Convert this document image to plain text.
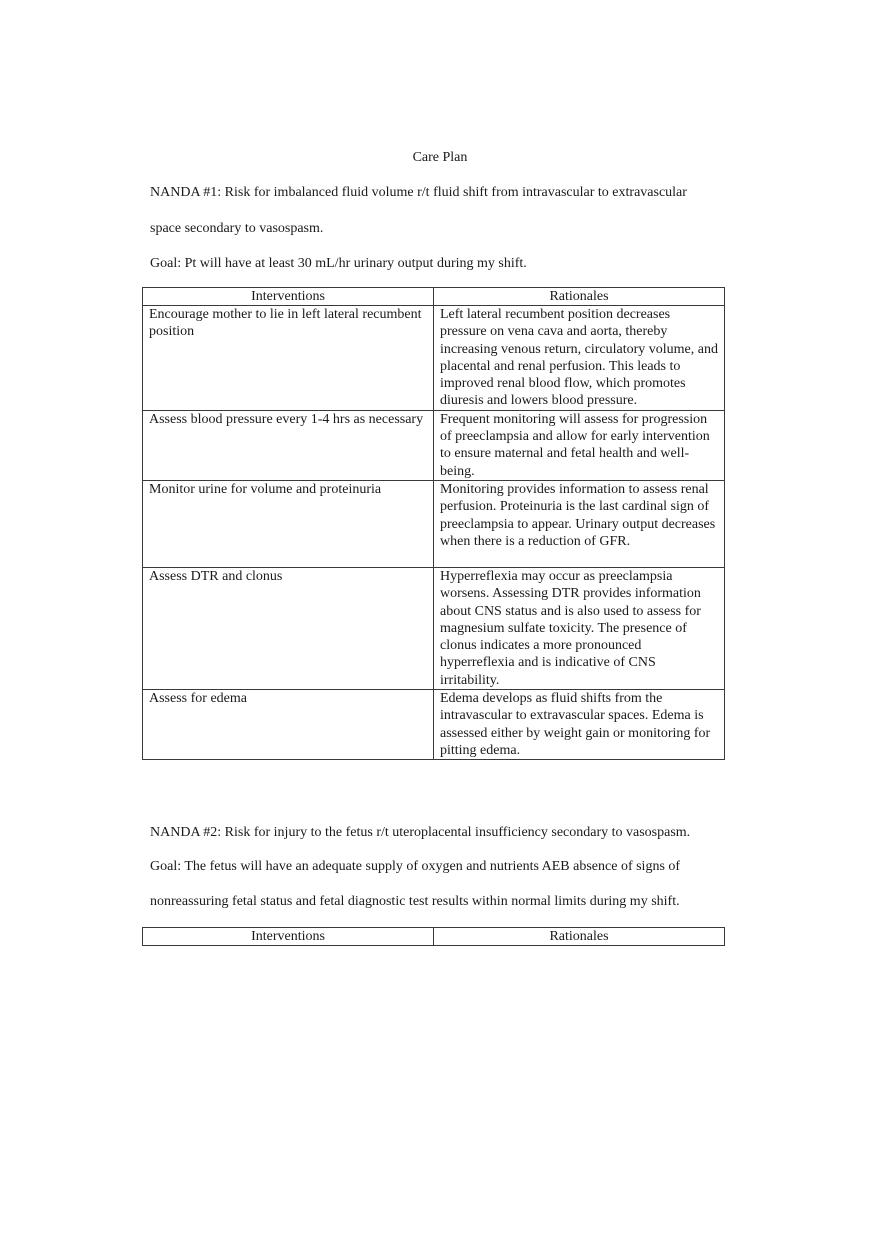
Care Plan
NANDA #1: Risk for imbalanced fluid volume r/t fluid shift from intravascular to extravascular
space secondary to vasospasm.
Goal: Pt will have at least 30 mL/hr urinary output during my shift.
Interventions	Rationales
Encourage mother to lie in left lateral recumbent position	Left lateral recumbent position decreases pressure on vena cava and aorta, thereby increasing venous return, circulatory volume, and placental and renal perfusion. This leads to improved renal blood flow, which promotes diuresis and lowers blood pressure.
Assess blood pressure every 1-4 hrs as necessary	Frequent monitoring will assess for progression of preeclampsia and allow for early intervention to ensure maternal and fetal health and well-being.
Monitor urine for volume and proteinuria	Monitoring provides information to assess renal perfusion. Proteinuria is the last cardinal sign of preeclampsia to appear. Urinary output decreases when there is a reduction of GFR.
Assess DTR and clonus	Hyperreflexia may occur as preeclampsia worsens. Assessing DTR provides information about CNS status and is also used to assess for magnesium sulfate toxicity. The presence of clonus indicates a more pronounced hyperreflexia and is indicative of CNS irritability.
Assess for edema	Edema develops as fluid shifts from the intravascular to extravascular spaces. Edema is assessed either by weight gain or monitoring for pitting edema.
NANDA #2: Risk for injury to the fetus r/t uteroplacental insufficiency secondary to vasospasm.
Goal: The fetus will have an adequate supply of oxygen and nutrients AEB absence of signs of
nonreassuring fetal status and fetal diagnostic test results within normal limits during my shift.
Interventions	Rationales
